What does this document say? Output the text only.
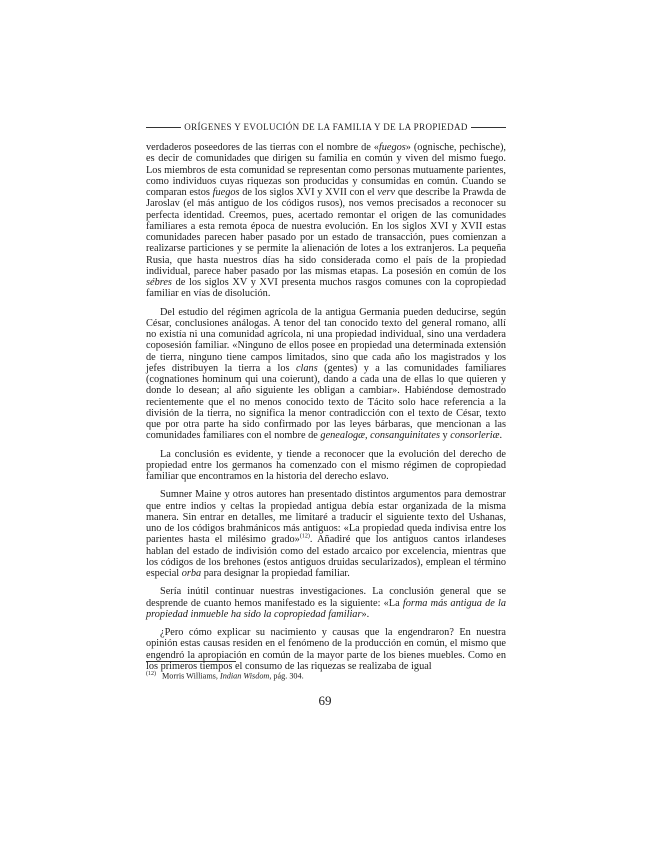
ORÍGENES Y EVOLUCIÓN DE LA FAMILIA Y DE LA PROPIEDAD

verdaderos poseedores de las tierras con el nombre de «fuegos» (ognische, pechische), es decir de comunidades que dirigen su familia en común y viven del mismo fuego. Los miembros de esta comunidad se representan como personas mutuamente parientes, como individuos cuyas riquezas son producidas y consumidas en común. Cuando se comparan estos fuegos de los siglos XVI y XVII con el verv que describe la Prawda de Jaroslav (el más antiguo de los códigos rusos), nos vemos precisados a reconocer su perfecta identidad. Creemos, pues, acertado remontar el origen de las comunidades familiares a esta remota época de nuestra evolución. En los siglos XVI y XVII estas comunidades parecen haber pasado por un estado de transacción, pues comienzan a realizarse particiones y se permite la alienación de lotes a los extranjeros. La pequeña Rusia, que hasta nuestros días ha sido considerada como el país de la propiedad individual, parece haber pasado por las mismas etapas. La posesión en común de los sébres de los siglos XV y XVI presenta muchos rasgos comunes con la copropiedad familiar en vías de disolución.

Del estudio del régimen agrícola de la antigua Germania pueden deducirse, según César, conclusiones análogas. A tenor del tan conocido texto del general romano, allí no existía ni una comunidad agrícola, ni una propiedad individual, sino una verdadera coposesión familiar. «Ninguno de ellos posee en propiedad una determinada extensión de tierra, ninguno tiene campos limitados, sino que cada año los magistrados y los jefes distribuyen la tierra a los clans (gentes) y a las comunidades familiares (cognationes hominum qui una coierunt), dando a cada una de ellas lo que quieren y donde lo desean; al año siguiente les obligan a cambiar». Habiéndose demostrado recientemente que el no menos conocido texto de Tácito solo hace referencia a la división de la tierra, no significa la menor contradicción con el texto de César, texto que por otra parte ha sido confirmado por las leyes bárbaras, que mencionan a las comunidades familiares con el nombre de genealogæ, consanguinitates y consorleriæ.

La conclusión es evidente, y tiende a reconocer que la evolución del derecho de propiedad entre los germanos ha comenzado con el mismo régimen de copropiedad familiar que encontramos en la historia del derecho eslavo.

Sumner Maine y otros autores han presentado distintos argumentos para demostrar que entre indios y celtas la propiedad antigua debía estar organizada de la misma manera. Sin entrar en detalles, me limitaré a traducir el siguiente texto del Ushanas, uno de los códigos brahmánicos más antiguos: «La propiedad queda indivisa entre los parientes hasta el milésimo grado»$^{(12)}$. Añadiré que los antiguos cantos irlandeses hablan del estado de indivisión como del estado arcaico por excelencia, mientras que los códigos de los brehones (estos antiguos druidas secularizados), emplean el término especial orba para designar la propiedad familiar.

Sería inútil continuar nuestras investigaciones. La conclusión general que se desprende de cuanto hemos manifestado es la siguiente: «La forma más antigua de la propiedad inmueble ha sido la copropiedad familiar».

¿Pero cómo explicar su nacimiento y causas que la engendraron? En nuestra opinión estas causas residen en el fenómeno de la producción en común, el mismo que engendró la apropiación en común de la mayor parte de los bienes muebles. Como en los primeros tiempos el consumo de las riquezas se realizaba de igual

$^{(12)}$ Morris Williams, Indian Wisdom, pág. 304.
69
